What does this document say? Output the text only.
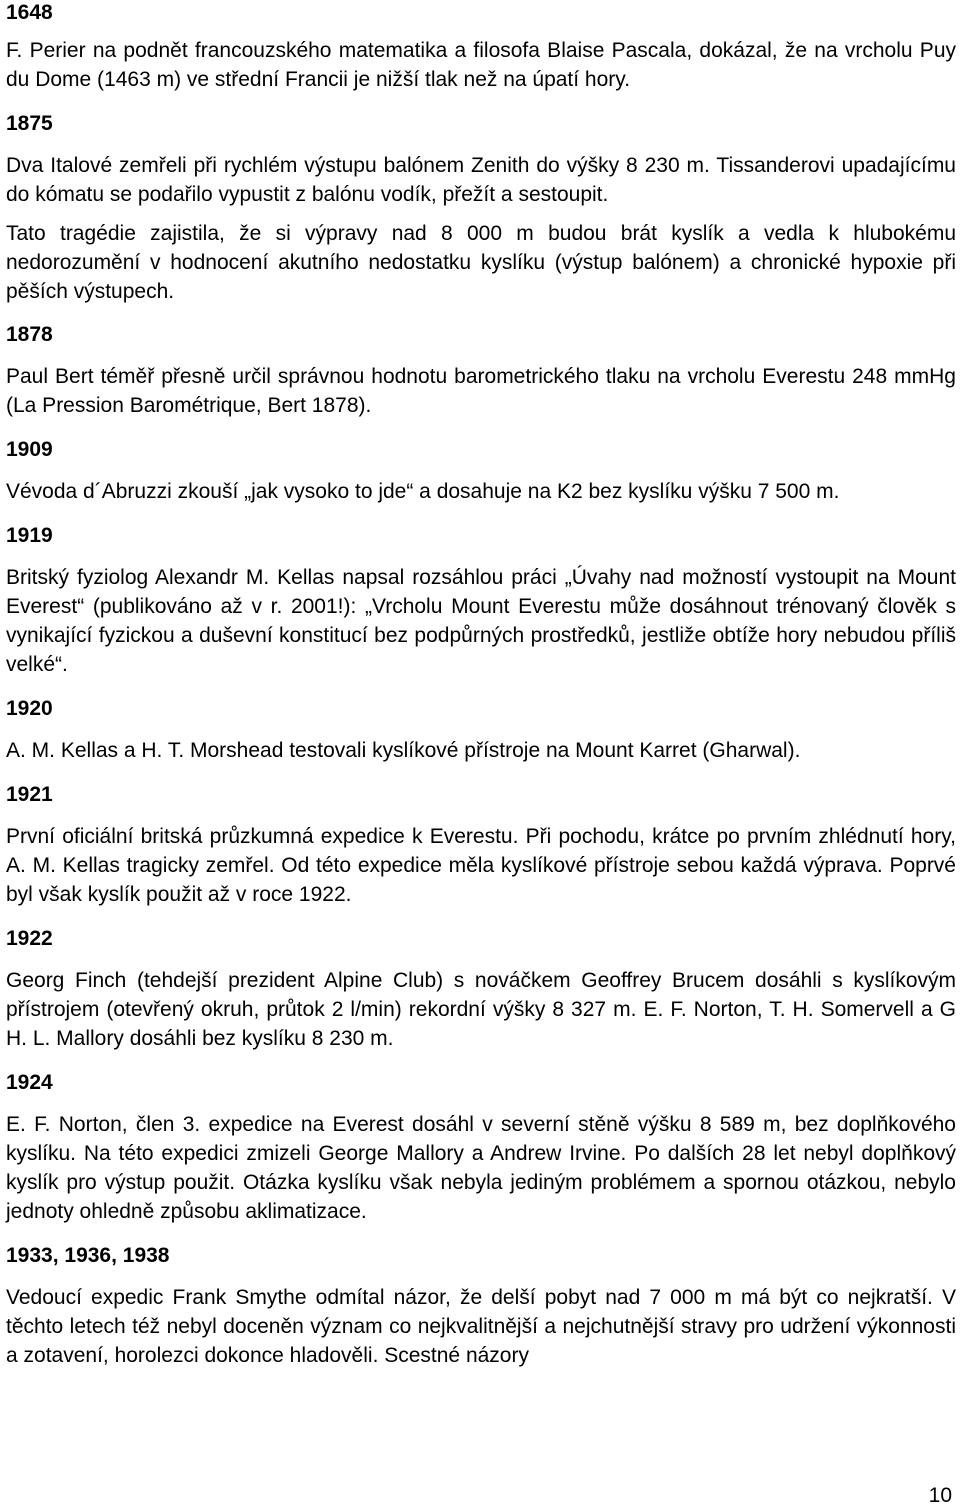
1648

F. Perier na podnět francouzského matematika a filosofa Blaise Pascala, dokázal, že na vrcholu Puy du Dome (1463 m) ve střední Francii je nižší tlak než na úpatí hory.

1875

Dva Italové zemřeli při rychlém výstupu balónem Zenith do výšky 8 230 m. Tissanderovi upadajícímu do kómatu se podařilo vypustit z balónu vodík, přežít a sestoupit.

Tato tragédie zajistila, že si výpravy nad 8 000 m budou brát kyslík a vedla k hlubokému nedorozumění v hodnocení akutního nedostatku kyslíku (výstup balónem) a chronické hypoxie při pěších výstupech.

1878

Paul Bert téměř přesně určil správnou hodnotu barometrického tlaku na vrcholu Everestu 248 mmHg (La Pression Barométrique, Bert 1878).

1909

Vévoda d´Abruzzi zkouší „jak vysoko to jde“ a dosahuje na K2 bez kyslíku výšku 7 500 m.

1919

Britský fyziolog Alexandr M. Kellas napsal rozsáhlou práci „Úvahy nad možností vystoupit na Mount Everest“ (publikováno až v r. 2001!): „Vrcholu Mount Everestu může dosáhnout trénovaný člověk s vynikající fyzickou a duševní konstitucí bez podpůrných prostředků, jestliže obtíže hory nebudou příliš velké“.

1920

A. M. Kellas a H. T. Morshead testovali kyslíkové přístroje na Mount Karret (Gharwal).

1921

První oficiální britská průzkumná expedice k Everestu. Při pochodu, krátce po prvním zhlédnutí hory, A. M. Kellas tragicky zemřel. Od této expedice měla kyslíkové přístroje sebou každá výprava. Poprvé byl však kyslík použit až v roce 1922.

1922

Georg Finch (tehdejší prezident Alpine Club) s nováčkem Geoffrey Brucem dosáhli s kyslíkovým přístrojem (otevřený okruh, průtok 2 l/min) rekordní výšky 8 327 m. E. F. Norton, T. H. Somervell a G H. L. Mallory dosáhli bez kyslíku 8 230 m.

1924

E. F. Norton, člen 3. expedice na Everest dosáhl v severní stěně výšku 8 589 m, bez doplňkového kyslíku. Na této expedici zmizeli George Mallory a Andrew Irvine. Po dalších 28 let nebyl doplňkový kyslík pro výstup použit. Otázka kyslíku však nebyla jediným problémem a spornou otázkou, nebylo jednoty ohledně způsobu aklimatizace.

1933, 1936, 1938

Vedoucí expedic Frank Smythe odmítal názor, že delší pobyt nad 7 000 m má být co nejkratší. V těchto letech též nebyl doceněn význam co nejkvalitnější a nejchutnější stravy pro udržení výkonnosti a zotavení, horolezci dokonce hladověli. Scestné názory

10
